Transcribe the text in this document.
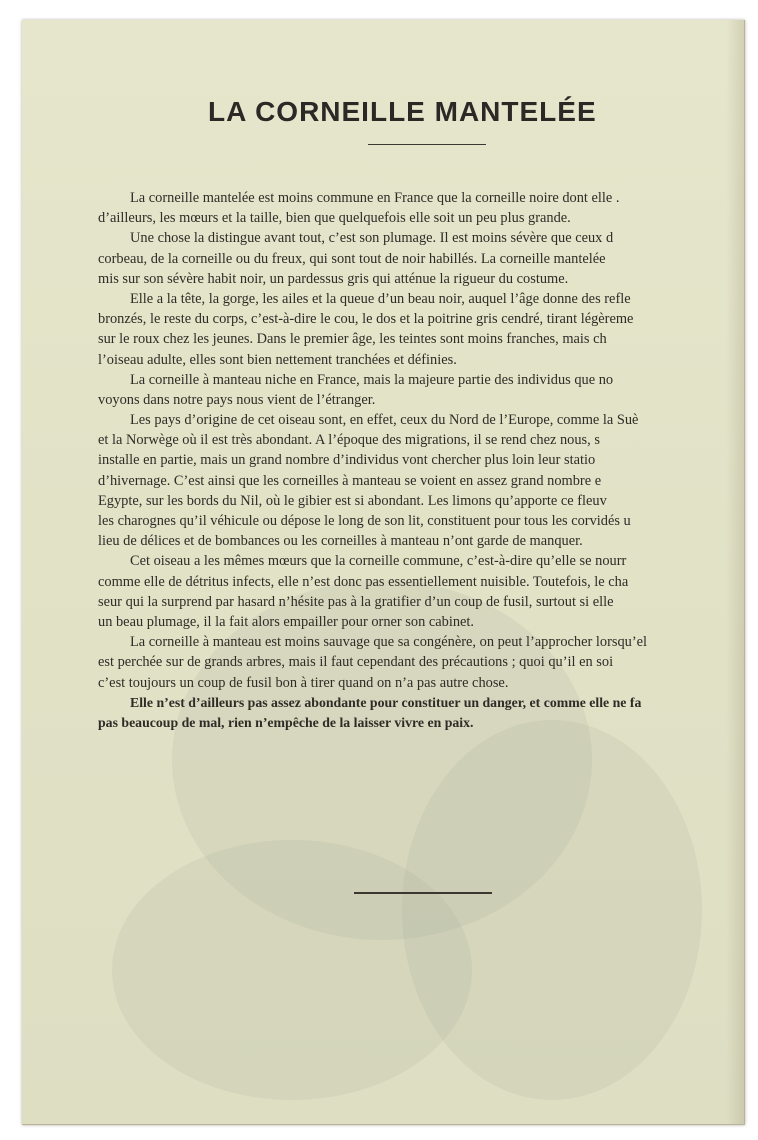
LA CORNEILLE MANTELÉE
La corneille mantelée est moins commune en France que la corneille noire dont elle .
d’ailleurs, les mœurs et la taille, bien que quelquefois elle soit un peu plus grande.
Une chose la distingue avant tout, c’est son plumage. Il est moins sévère que ceux d
corbeau, de la corneille ou du freux, qui sont tout de noir habillés. La corneille mantelée
mis sur son sévère habit noir, un pardessus gris qui atténue la rigueur du costume.
Elle a la tête, la gorge, les ailes et la queue d’un beau noir, auquel l’âge donne des refle
bronzés, le reste du corps, c’est-à-dire le cou, le dos et la poitrine gris cendré, tirant légèreme
sur le roux chez les jeunes. Dans le premier âge, les teintes sont moins franches, mais ch
l’oiseau adulte, elles sont bien nettement tranchées et définies.
La corneille à manteau niche en France, mais la majeure partie des individus que no
voyons dans notre pays nous vient de l’étranger.
Les pays d’origine de cet oiseau sont, en effet, ceux du Nord de l’Europe, comme la Suè
et la Norwège où il est très abondant. A l’époque des migrations, il se rend chez nous, s
installe en partie, mais un grand nombre d’individus vont chercher plus loin leur statio
d’hivernage. C’est ainsi que les corneilles à manteau se voient en assez grand nombre e
Egypte, sur les bords du Nil, où le gibier est si abondant. Les limons qu’apporte ce fleuv
les charognes qu’il véhicule ou dépose le long de son lit, constituent pour tous les corvidés u
lieu de délices et de bombances ou les corneilles à manteau n’ont garde de manquer.
Cet oiseau a les mêmes mœurs que la corneille commune, c’est-à-dire qu’elle se nourr
comme elle de détritus infects, elle n’est donc pas essentiellement nuisible. Toutefois, le cha
seur qui la surprend par hasard n’hésite pas à la gratifier d’un coup de fusil, surtout si elle
un beau plumage, il la fait alors empailler pour orner son cabinet.
La corneille à manteau est moins sauvage que sa congénère, on peut l’approcher lorsqu’el
est perchée sur de grands arbres, mais il faut cependant des précautions ; quoi qu’il en soi
c’est toujours un coup de fusil bon à tirer quand on n’a pas autre chose.
Elle n’est d’ailleurs pas assez abondante pour constituer un danger, et comme elle ne fa
pas beaucoup de mal, rien n’empêche de la laisser vivre en paix.
